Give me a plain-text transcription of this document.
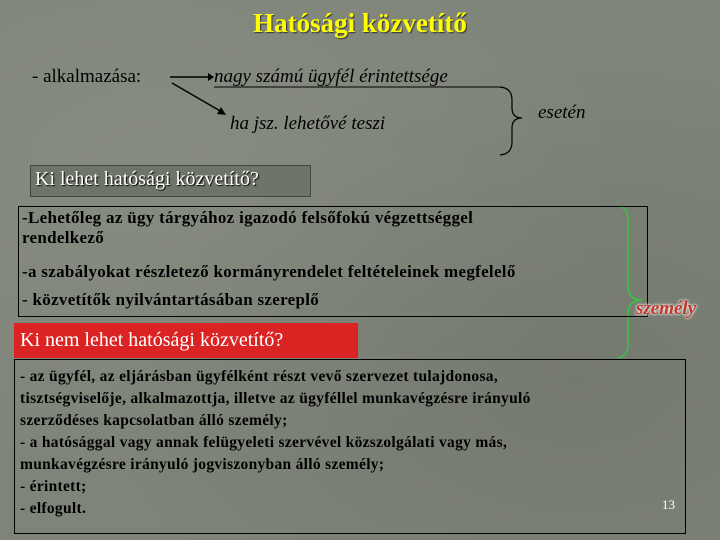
Hatósági közvetítő
- alkalmazása:	nagy számú ügyfél érintettsége
ha jsz. lehetővé teszi
esetén
Ki lehet hatósági közvetítő?
-Lehetőleg az ügy tárgyához igazodó felsőfokú végzettséggel
rendelkező
-a szabályokat részletező kormányrendelet feltételeinek megfelelő
- közvetítők nyilvántartásában szereplő	személy
Ki nem lehet hatósági közvetítő?
- az ügyfél, az eljárásban ügyfélként részt vevő szervezet tulajdonosa,
tisztségviselője, alkalmazottja, illetve az ügyféllel munkavégzésre irányuló
szerződéses kapcsolatban álló személy;
- a hatósággal vagy annak felügyeleti szervével közszolgálati vagy más,
munkavégzésre irányuló jogviszonyban álló személy;
- érintett;
- elfogult.	13
